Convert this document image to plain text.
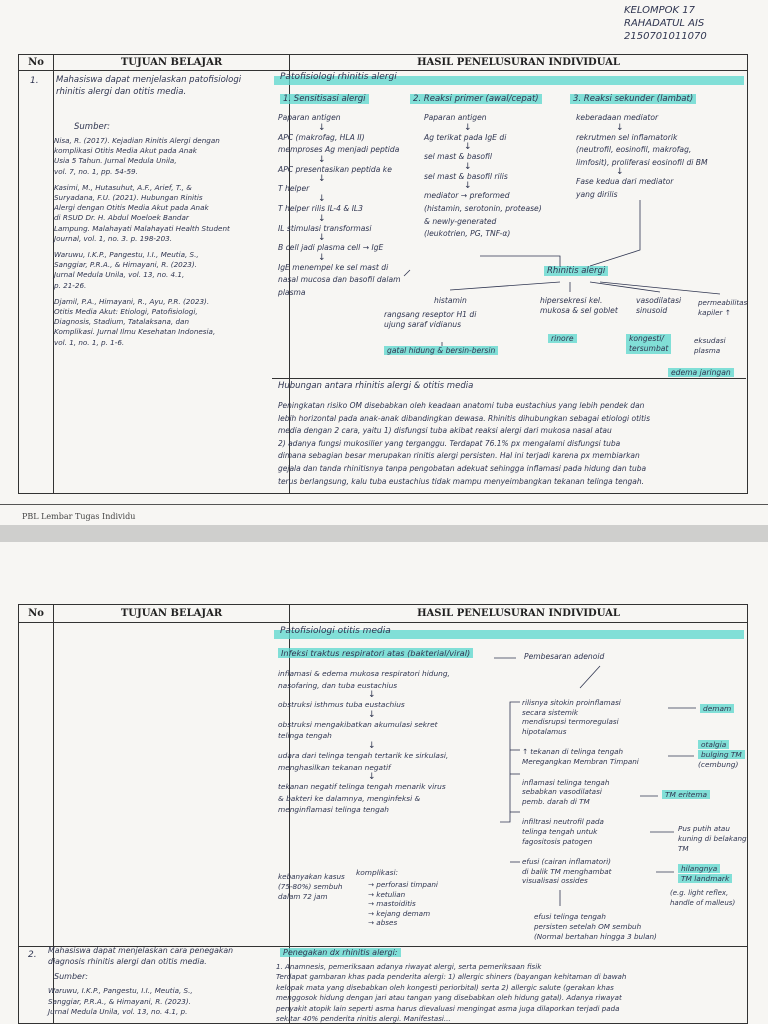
KELOMPOK 17
RAHADATUL AIS
2150701011070
No	TUJUAN BELAJAR	HASIL PENELUSURAN INDIVIDUAL

1. Mahasiswa dapat menjelaskan patofisiologi
rhinitis alergi dan otitis media.
Sumber:
Nisa, R. (2017). Kejadian Rinitis Alergi dengan
komplikasi Otitis Media Akut pada Anak
Usia 5 Tahun. Jurnal Medula Unila,
vol. 7, no. 1, pp. 54-59.
Kasimi, M., Hutasuhut, A.F., Arief, T., &
Suryadana, F.U. (2021). Hubungan Rinitis
Alergi dengan Otitis Media Akut pada Anak
di RSUD Dr. H. Abdul Moeloek Bandar
Lampung. Malahayati Malahayati Health Student
Journal, vol. 1, no. 3. p. 198-203.
Waruwu, I.K.P., Pangestu, I.I., Meutia, S.,
Sanggiar, P.R.A., & Himayani, R. (2023).
Jurnal Medula Unila, vol. 13, no. 4.1,
p. 21-26.
Djamil, P.A., Himayani, R., Ayu, P.R. (2023).
Otitis Media Akut: Etiologi, Patofisiologi,
Diagnosis, Stadium, Tatalaksana, dan
Komplikasi. Jurnal Ilmu Kesehatan Indonesia,
vol. 1, no. 1, p. 1-6.
Patofisiologi rhinitis alergi
1. Sensitisasi alergi	2. Reaksi primer (awal/cepat)	3. Reaksi sekunder (lambat)
Paparan antigen
↓
APC (makrofag, HLA II)
memproses Ag menjadi peptida
↓
APC presentasikan peptida ke
↓
T helper
↓
T helper rilis IL-4 & IL3
↓
IL stimulasi transformasi
↓
B cell jadi plasma cell → IgE
↓
IgE menempel ke sel mast di
nasal mucosa dan basofil dalam
plasma
Paparan antigen
↓
Ag terikat pada IgE di
↓
sel mast & basofil
↓
sel mast & basofil rilis
↓
mediator → preformed
(histamin, serotonin, protease)
& newly-generated
(leukotrien, PG, TNF-α)
keberadaan mediator
↓
rekrutmen sel inflamatorik
(neutrofil, eosinofil, makrofag,
limfosit), proliferasi eosinofil di BM
↓
Fase kedua dari mediator
yang dirilis
Rhinitis alergi
histamin
rangsang reseptor H1 di
ujung saraf vidianus
gatal hidung & bersin-bersin
hipersekresi kel.
mukosa & sel goblet
rinore
vasodilatasi
sinusoid
kongesti/
tersumbat
permeabilitas
kapiler ↑
eksudasi
plasma
edema jaringan
Hubungan antara rhinitis alergi & otitis media
Peningkatan risiko OM disebabkan oleh keadaan anatomi tuba eustachius yang lebih pendek dan
lebih horizontal pada anak-anak dibandingkan dewasa. Rhinitis dihubungkan sebagai etiologi otitis
media dengan 2 cara, yaitu 1) disfungsi tuba akibat reaksi alergi dari mukosa nasal atau
2) adanya fungsi mukosilier yang terganggu. Terdapat 76.1% px mengalami disfungsi tuba
dimana sebagian besar merupakan rinitis alergi persisten. Hal ini terjadi karena px membiarkan
gejala dan tanda rhinitisnya tanpa pengobatan adekuat sehingga inflamasi pada hidung dan tuba
terus berlangsung, kalu tuba eustachius tidak mampu menyeimbangkan tekanan telinga tengah.
PBL Lembar Tugas Individu
No	TUJUAN BELAJAR	HASIL PENELUSURAN INDIVIDUAL

Patofisiologi otitis media
Infeksi traktus respiratori atas (bakterial/viral)	Pembesaran adenoid
inflamasi & edema mukosa respiratori hidung,
nasofaring, dan tuba eustachius
↓
obstruksi isthmus tuba eustachius
↓
obstruksi mengakibatkan akumulasi sekret
telinga tengah
↓
udara dari telinga tengah tertarik ke sirkulasi,
menghasilkan tekanan negatif
↓
tekanan negatif telinga tengah menarik virus
& bakteri ke dalamnya, menginfeksi &
menginflamasi telinga tengah
kebanyakan kasus
(75-80%) sembuh
dalam 72 jam
komplikasi:
→ perforasi timpani
→ ketulian
→ mastoiditis
→ kejang demam
→ abses
rilisnya sitokin proinflamasi
secara sistemik
mendisrupsi termoregulasi
hipotalamus
↑ tekanan di telinga tengah
Meregangkan Membran Timpani
inflamasi telinga tengah
sebabkan vasodilatasi
pemb. darah di TM
infiltrasi neutrofil pada
telinga tengah untuk
fagositosis patogen
efusi (cairan inflamatori)
di balik TM menghambat
visualisasi ossides
demam
otalgia
bulging TM
(cembung)
TM eritema
Pus putih atau
kuning di belakang
TM
hilangnya
TM landmark
(e.g. light reflex,
handle of malleus)
efusi telinga tengah
persisten setelah OM sembuh
(Normal bertahan hingga 3 bulan)
2. Mahasiswa dapat menjelaskan cara penegakan
diagnosis rhinitis alergi dan otitis media.
Sumber:
Waruwu, I.K.P., Pangestu, I.I., Meutia, S.,
Sanggiar, P.R.A., & Himayani, R. (2023).
Jurnal Medula Unila, vol. 13, no. 4.1, p.
Penegakan dx rhinitis alergi:
1. Anamnesis, pemeriksaan adanya riwayat alergi, serta pemeriksaan fisik
Terdapat gambaran khas pada penderita alergi: 1) allergic shiners (bayangan kehitaman di bawah
kelopak mata yang disebabkan oleh kongesti periorbital) serta 2) allergic salute (gerakan khas
menggosok hidung dengan jari atau tangan yang disebabkan oleh hidung gatal). Adanya riwayat
penyakit atopik lain seperti asma harus dievaluasi mengingat asma juga dilaporkan terjadi pada
sekitar 40% penderita rinitis alergi. Manifestasi...
